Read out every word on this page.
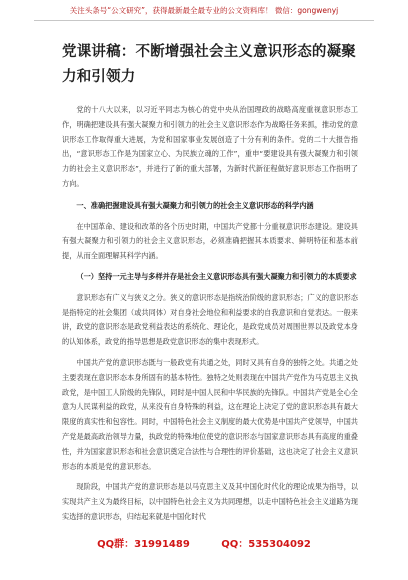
关注头条号“公文研究”，获得最新最全最专业的公文资料库！ 微信：gongwenyj
党课讲稿：不断增强社会主义意识形态的凝聚力和引领力

党的十八大以来，以习近平同志为核心的党中央从治国理政的战略高度重视意识形态工作，明确把建设具有强大凝聚力和引领力的社会主义意识形态作为战略任务来抓，推动党的意识形态工作取得重大进展，为党和国家事业发展创造了十分有利的条件。党的二十大报告指出，“意识形态工作是为国家立心、为民族立魂的工作”，重申“要建设具有强大凝聚力和引领力的社会主义意识形态”，并进行了新的重大部署，为新时代新征程做好意识形态工作指明了方向。

一、准确把握建设具有强大凝聚力和引领力的社会主义意识形态的科学内涵

在中国革命、建设和改革的各个历史时期，中国共产党都十分重视意识形态建设。建设具有强大凝聚力和引领力的社会主义意识形态，必须准确把握其本质要求、鲜明特征和基本前提，从而全面理解其科学内涵。

（一）坚持一元主导与多样并存是社会主义意识形态具有强大凝聚力和引领力的本质要求

意识形态有广义与狭义之分。狭义的意识形态是指统治阶级的意识形态；广义的意识形态是指特定的社会集团（或共同体）对自身社会地位和利益要求的自我意识和自觉表达。一般来讲，政党的意识形态是政党利益表达的系统化、理论化，是政党成员对周围世界以及政党本身的认知体系，政党的指导思想是政党意识形态的集中表现形式。

中国共产党的意识形态既与一般政党有共通之处，同时又具有自身的独特之处。共通之处主要表现在意识形态本身所固有的基本特性。独特之处则表现在中国共产党作为马克思主义执政党，是中国工人阶级的先锋队，同时是中国人民和中华民族的先锋队。中国共产党是全心全意为人民谋利益的政党，从来没有自身特殊的利益，这在理论上决定了党的意识形态具有最大限度的真实性和包容性。同时，中国特色社会主义制度的最大优势是中国共产党领导，中国共产党是最高政治领导力量，执政党的特殊地位使党的意识形态与国家意识形态具有高度的重叠性，并为国家意识形态和社会意识奠定合法性与合理性的评价基础，这也决定了社会主义意识形态的本质是党的意识形态。

现阶段，中国共产党的意识形态是以马克思主义及其中国化时代化的理论成果为指导，以实现共产主义为最终目标，以中国特色社会主义为共同理想，以走中国特色社会主义道路为现实选择的意识形态，归结起来就是中国化时代

QQ群：31991489	QQ：535304092
